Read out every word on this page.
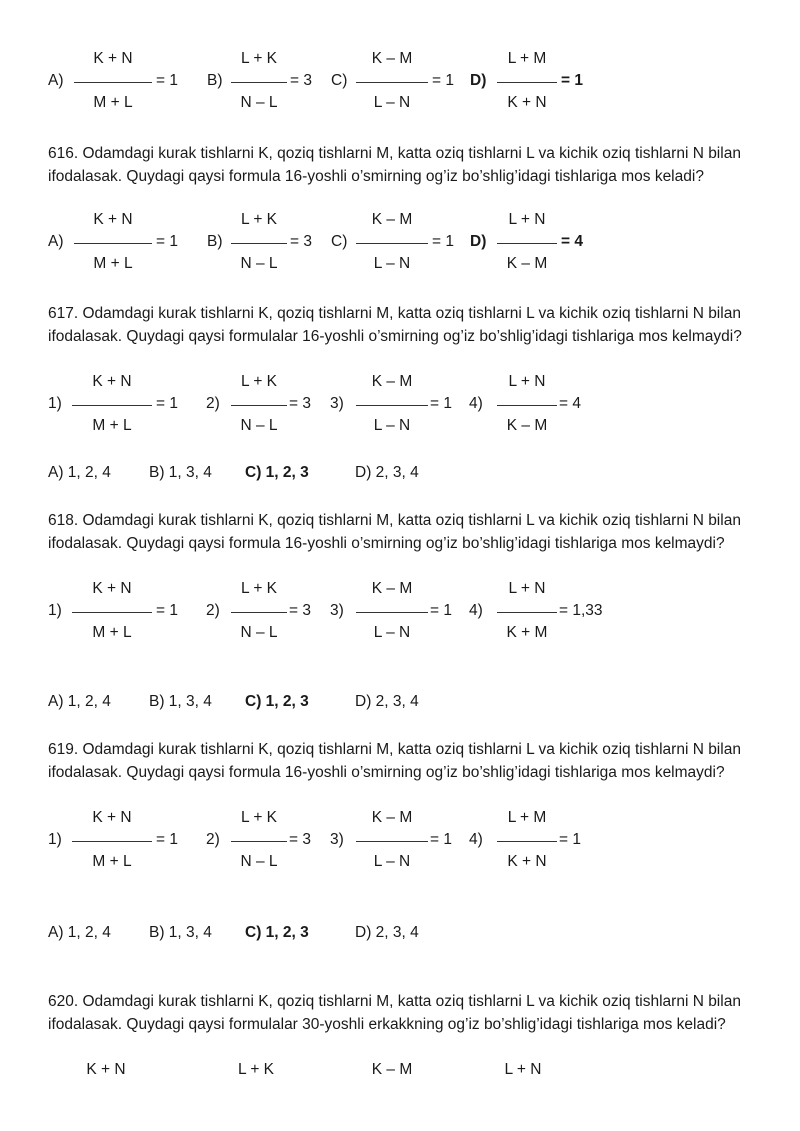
A)
K + N
M + L
= 1 B)
L + K
N – L
= 3 C)
K – M
L – N
= 1 D)
L + M
K + N
= 1
616. Odamdagi kurak tishlarni K, qoziq tishlarni M, katta oziq tishlarni L va kichik oziq tishlarni N bilan ifodalasak. Quydagi qaysi formula 16-yoshli o’smirning og’iz bo’shlig’idagi tishlariga mos keladi?
A)
K + N
M + L
= 1 B)
L + K
N – L
= 3 C)
K – M
L – N
= 1 D)
L + N
K – M
= 4
617. Odamdagi kurak tishlarni K, qoziq tishlarni M, katta oziq tishlarni L va kichik oziq tishlarni N bilan ifodalasak. Quydagi qaysi formulalar 16-yoshli o’smirning og’iz bo’shlig’idagi tishlariga mos kelmaydi?
1)
K + N
M + L
= 1 2)
L + K
N – L
= 3 3)
K – M
L – N
= 1 4)
L + N
K – M
= 4
A) 1, 2, 4 B) 1, 3, 4 C) 1, 2, 3	D) 2, 3, 4
618. Odamdagi kurak tishlarni K, qoziq tishlarni M, katta oziq tishlarni L va kichik oziq tishlarni N bilan ifodalasak. Quydagi qaysi formula 16-yoshli o’smirning og’iz bo’shlig’idagi tishlariga mos kelmaydi?
1)
K + N
M + L
= 1 2)
L + K
N – L
= 3 3)
K – M
L – N
= 1 4)
L + N
K + M
= 1,33
A) 1, 2, 4 B) 1, 3, 4 C) 1, 2, 3	D) 2, 3, 4
619. Odamdagi kurak tishlarni K, qoziq tishlarni M, katta oziq tishlarni L va kichik oziq tishlarni N bilan ifodalasak. Quydagi qaysi formula 16-yoshli o’smirning og’iz bo’shlig’idagi tishlariga mos kelmaydi?
1)
K + N
M + L
= 1 2)
L + K
N – L
= 3 3)
K – M
L – N
= 1 4)
L + M
K + N
= 1
A) 1, 2, 4 B) 1, 3, 4 C) 1, 2, 3	D) 2, 3, 4
620. Odamdagi kurak tishlarni K, qoziq tishlarni M, katta oziq tishlarni L va kichik oziq tishlarni N bilan ifodalasak. Quydagi qaysi formulalar 30-yoshli erkakkning og’iz bo’shlig’idagi tishlariga mos keladi?
K + N	L + K	K – M	L + N
